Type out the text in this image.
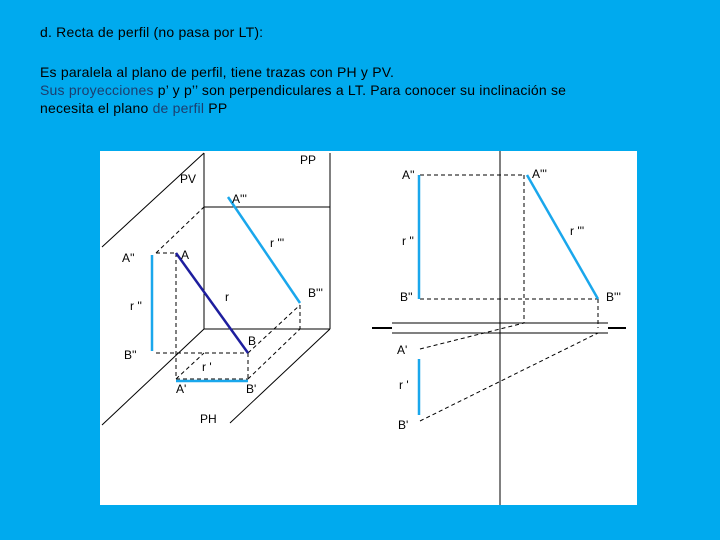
d. Recta de perfil (no pasa por LT):
Es paralela al plano de perfil, tiene trazas con PH y PV.
Sus proyecciones p’ y p’’ son perpendiculares a LT. Para conocer su inclinación se
necesita el plano de perfil PP
PP
PV
A'''
r '''
A''	A
r ''
r	B'''
B
B''
r '
A'	B'
PH
A''	A'''
r '''
r ''
B''	B'''
A'
r '
B'
